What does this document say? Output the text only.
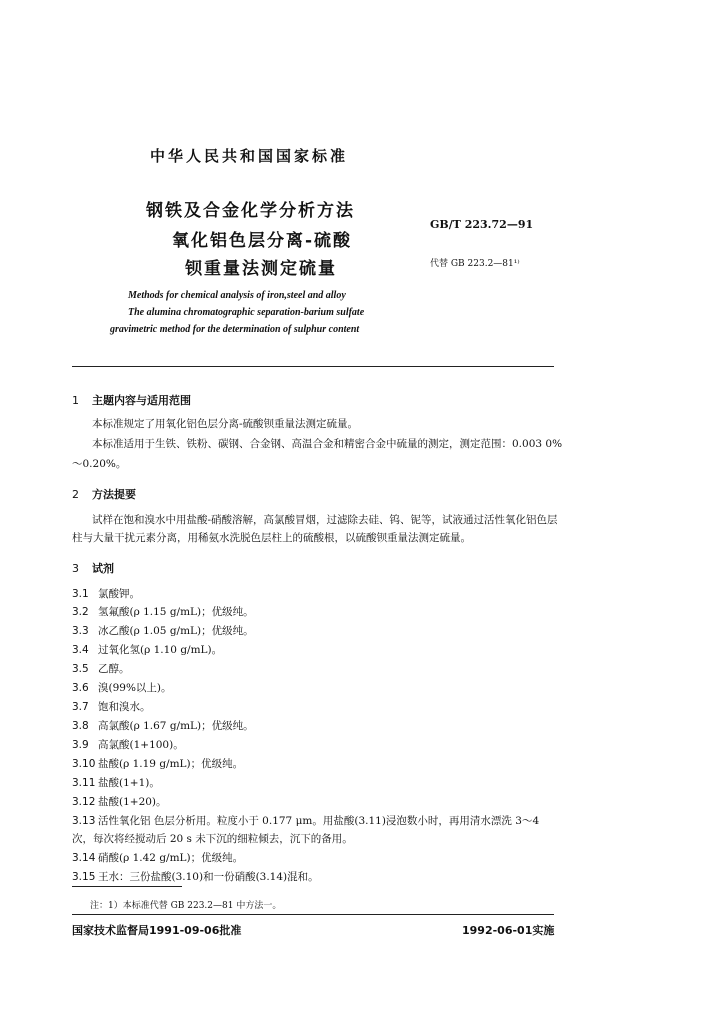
中华人民共和国国家标准
钢铁及合金化学分析方法
氧化铝色层分离-硫酸
钡重量法测定硫量
GB/T 223.72—91
代替 GB 223.2—81¹⁾
Methods for chemical analysis of iron,steel and alloy
The alumina chromatographic separation-barium sulfate
gravimetric method for the determination of sulphur content
1 主题内容与适用范围
本标准规定了用氧化铝色层分离-硫酸钡重量法测定硫量。
本标准适用于生铁、铁粉、碳钢、合金钢、高温合金和精密合金中硫量的测定，测定范围：0.003 0%
～0.20%。
2 方法提要
试样在饱和溴水中用盐酸-硝酸溶解，高氯酸冒烟，过滤除去硅、钨、铌等，试液通过活性氧化铝色层
柱与大量干扰元素分离，用稀氨水洗脱色层柱上的硫酸根，以硫酸钡重量法测定硫量。
3 试剂
3.1 氯酸钾。
3.2 氢氟酸(ρ 1.15 g/mL)；优级纯。
3.3 冰乙酸(ρ 1.05 g/mL)；优级纯。
3.4 过氧化氢(ρ 1.10 g/mL)。
3.5 乙醇。
3.6 溴(99%以上)。
3.7 饱和溴水。
3.8 高氯酸(ρ 1.67 g/mL)；优级纯。
3.9 高氯酸(1+100)。
3.10 盐酸(ρ 1.19 g/mL)；优级纯。
3.11 盐酸(1+1)。
3.12 盐酸(1+20)。
3.13 活性氧化铝 色层分析用。粒度小于 0.177 μm。用盐酸(3.11)浸泡数小时，再用清水漂洗 3～4
次，每次将经搅动后 20 s 未下沉的细粒倾去，沉下的备用。
3.14 硝酸(ρ 1.42 g/mL)；优级纯。
3.15 王水：三份盐酸(3.10)和一份硝酸(3.14)混和。
注：1）本标准代替 GB 223.2—81 中方法一。
国家技术监督局1991-09-06批准	1992-06-01实施
